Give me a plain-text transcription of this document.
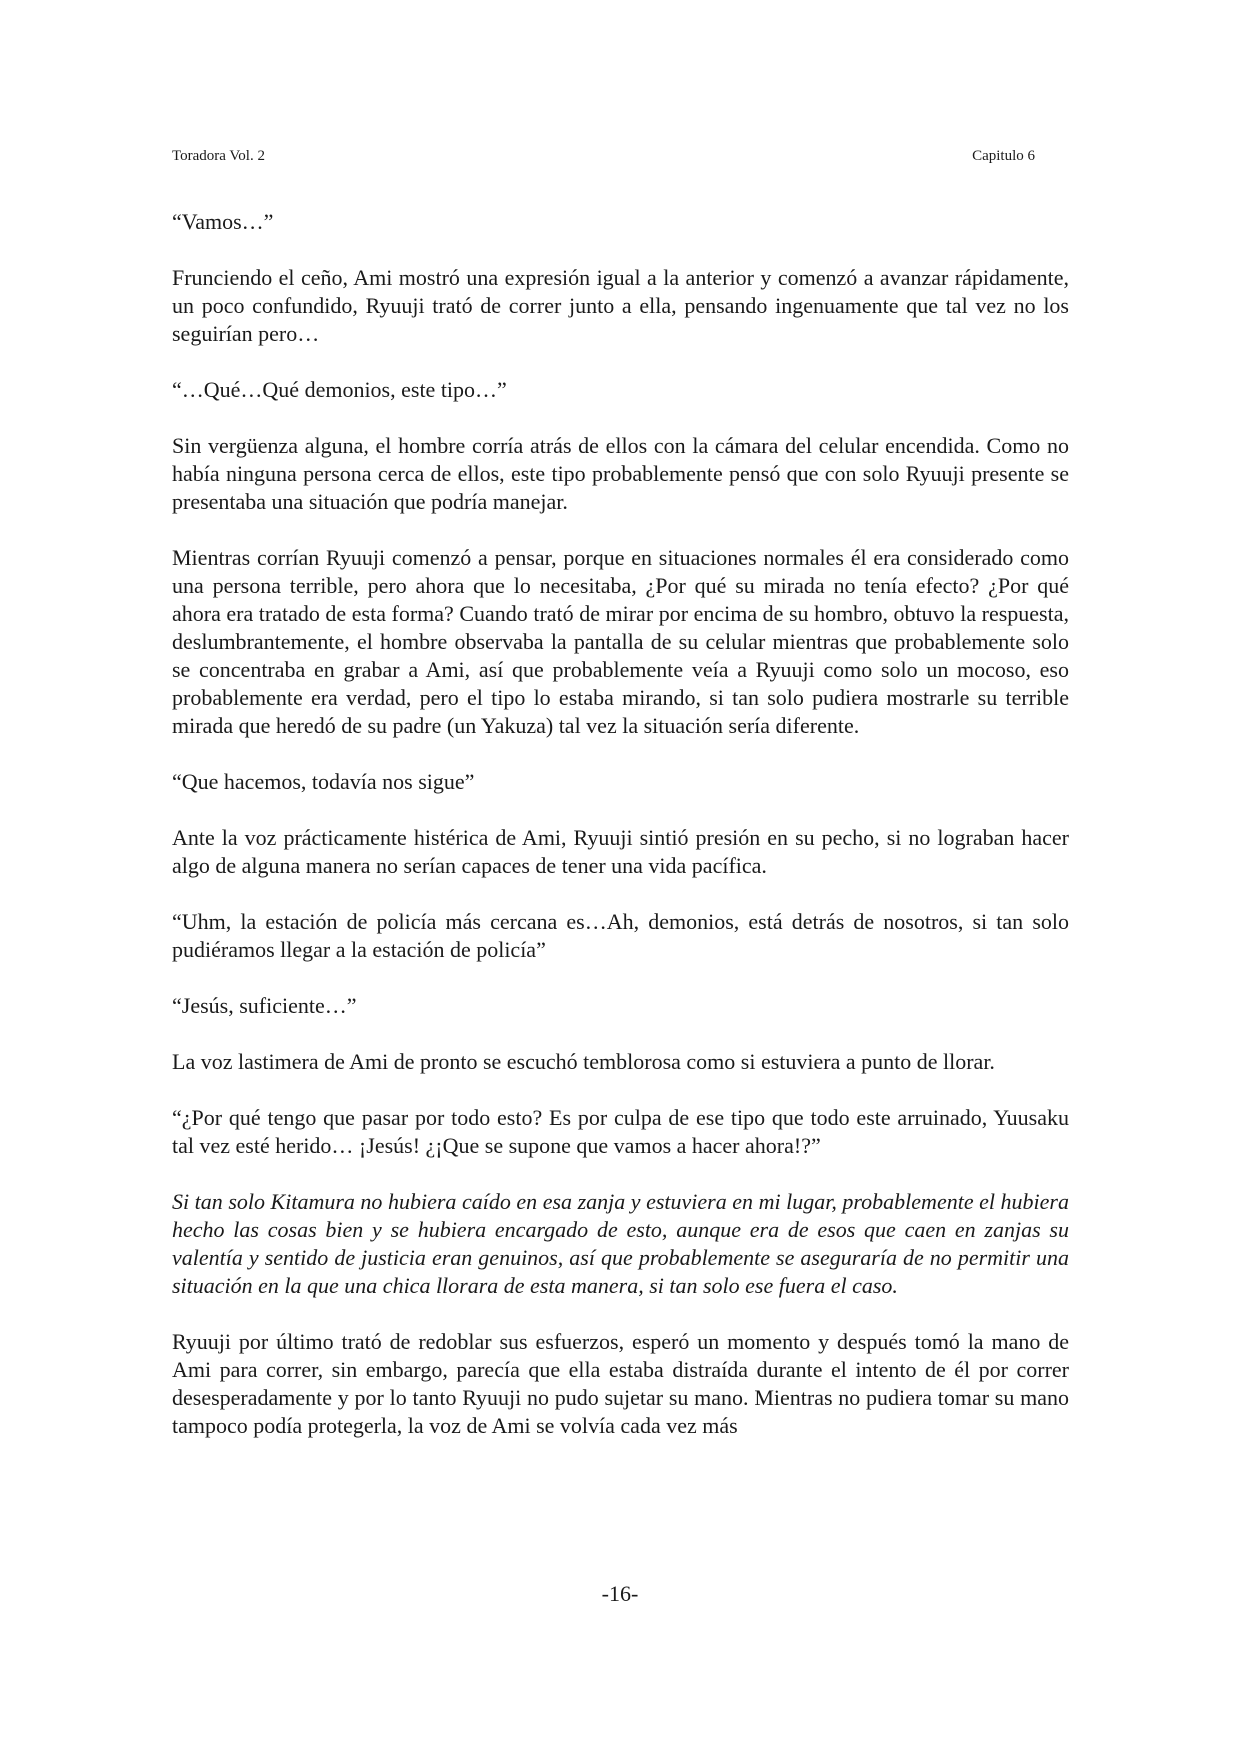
Toradora Vol. 2	Capitulo 6

“Vamos…”

Frunciendo el ceño, Ami mostró una expresión igual a la anterior y comenzó a avanzar rápidamente, un poco confundido, Ryuuji trató de correr junto a ella, pensando ingenuamente que tal vez no los seguirían pero…

“…Qué…Qué demonios, este tipo…”

Sin vergüenza alguna, el hombre corría atrás de ellos con la cámara del celular encendida. Como no había ninguna persona cerca de ellos, este tipo probablemente pensó que con solo Ryuuji presente se presentaba una situación que podría manejar.

Mientras corrían Ryuuji comenzó a pensar, porque en situaciones normales él era considerado como una persona terrible, pero ahora que lo necesitaba, ¿Por qué su mirada no tenía efecto? ¿Por qué ahora era tratado de esta forma? Cuando trató de mirar por encima de su hombro, obtuvo la respuesta, deslumbrantemente, el hombre observaba la pantalla de su celular mientras que probablemente solo se concentraba en grabar a Ami, así que probablemente veía a Ryuuji como solo un mocoso, eso probablemente era verdad, pero el tipo lo estaba mirando, si tan solo pudiera mostrarle su terrible mirada que heredó de su padre (un Yakuza) tal vez la situación sería diferente.

“Que hacemos, todavía nos sigue”

Ante la voz prácticamente histérica de Ami, Ryuuji sintió presión en su pecho, si no lograban hacer algo de alguna manera no serían capaces de tener una vida pacífica.

“Uhm, la estación de policía más cercana es…Ah, demonios, está detrás de nosotros, si tan solo pudiéramos llegar a la estación de policía”

“Jesús, suficiente…”

La voz lastimera de Ami de pronto se escuchó temblorosa como si estuviera a punto de llorar.

“¿Por qué tengo que pasar por todo esto? Es por culpa de ese tipo que todo este arruinado, Yuusaku tal vez esté herido… ¡Jesús! ¿¡Que se supone que vamos a hacer ahora!?”

Si tan solo Kitamura no hubiera caído en esa zanja y estuviera en mi lugar, probablemente el hubiera hecho las cosas bien y se hubiera encargado de esto, aunque era de esos que caen en zanjas su valentía y sentido de justicia eran genuinos, así que probablemente se aseguraría de no permitir una situación en la que una chica llorara de esta manera, si tan solo ese fuera el caso.

Ryuuji por último trató de redoblar sus esfuerzos, esperó un momento y después tomó la mano de Ami para correr, sin embargo, parecía que ella estaba distraída durante el intento de él por correr desesperadamente y por lo tanto Ryuuji no pudo sujetar su mano. Mientras no pudiera tomar su mano tampoco podía protegerla, la voz de Ami se volvía cada vez más

-16-
